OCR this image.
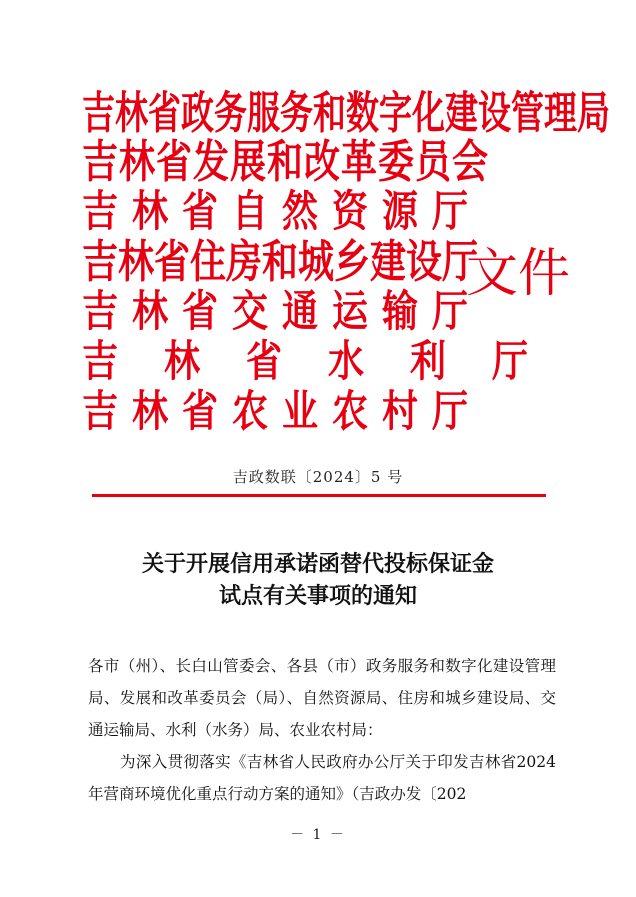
吉林省政务服务和数字化建设管理局
吉林省发展和改革委员会
吉林省自然资源厅
吉林省住房和城乡建设厅
吉林省交通运输厅
吉林省水利厅
吉林省农业农村厅
文件
吉政数联〔2024〕5 号
关于开展信用承诺函替代投标保证金
试点有关事项的通知

各市（州）、长白山管委会、各县（市）政务服务和数字化建设管理局、发展和改革委员会（局）、自然资源局、住房和城乡建设局、交通运输局、水利（水务）局、农业农村局：

为深入贯彻落实《吉林省人民政府办公厅关于印发吉林省2024 年营商环境优化重点行动方案的通知》（吉政办发〔202

－ 1 －
